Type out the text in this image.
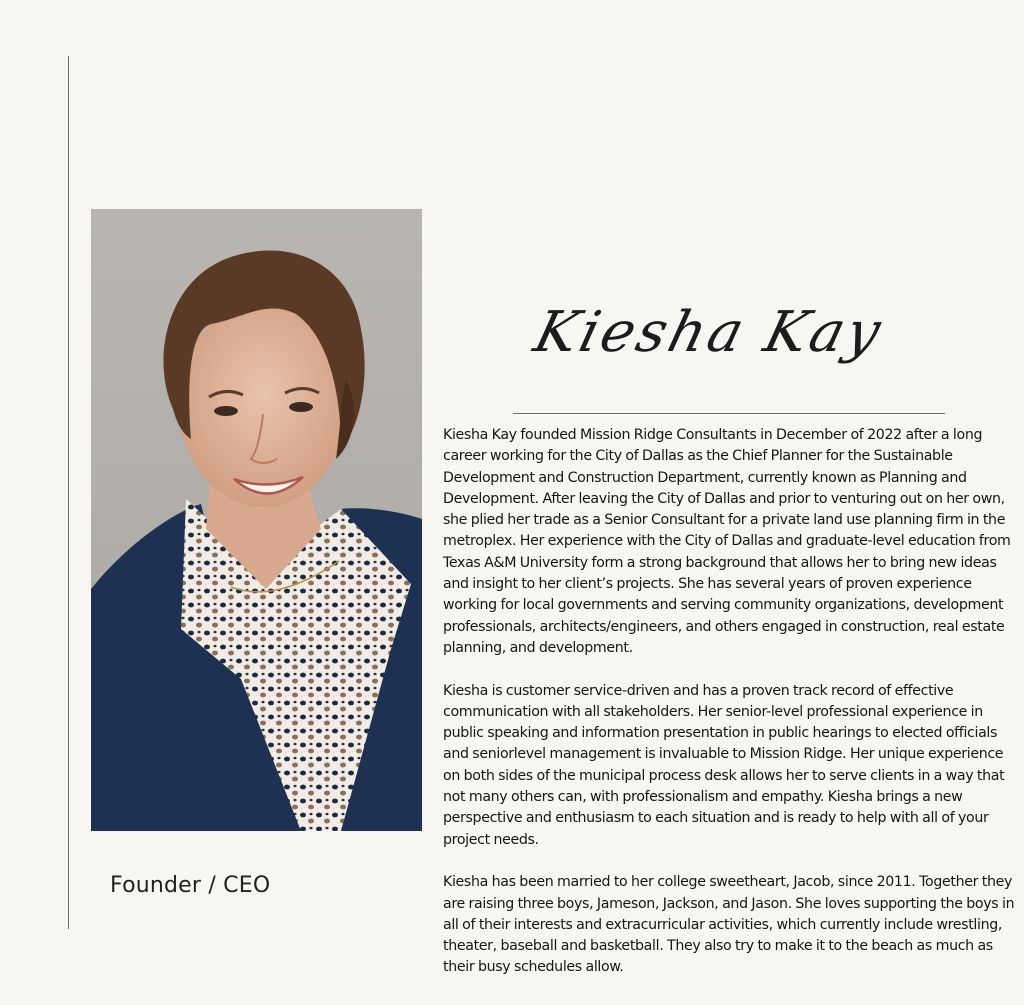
Founder / CEO
Kiesha Kay

Kiesha Kay founded Mission Ridge Consultants in December of 2022 after a long career working for the City of Dallas as the Chief Planner for the Sustainable Development and Construction Department, currently known as Planning and Development. After leaving the City of Dallas and prior to venturing out on her own, she plied her trade as a Senior Consultant for a private land use planning firm in the metroplex. Her experience with the City of Dallas and graduate-level education from Texas A&M University form a strong background that allows her to bring new ideas and insight to her client’s projects. She has several years of proven experience working for local governments and serving community organizations, development professionals, architects/engineers, and others engaged in construction, real estate planning, and development.

Kiesha is customer service-driven and has a proven track record of effective communication with all stakeholders. Her senior-level professional experience in public speaking and information presentation in public hearings to elected officials and seniorlevel management is invaluable to Mission Ridge. Her unique experience on both sides of the municipal process desk allows her to serve clients in a way that not many others can, with professionalism and empathy. Kiesha brings a new perspective and enthusiasm to each situation and is ready to help with all of your project needs.

Kiesha has been married to her college sweetheart, Jacob, since 2011. Together they are raising three boys, Jameson, Jackson, and Jason. She loves supporting the boys in all of their interests and extracurricular activities, which currently include wrestling, theater, baseball and basketball. They also try to make it to the beach as much as their busy schedules allow.
